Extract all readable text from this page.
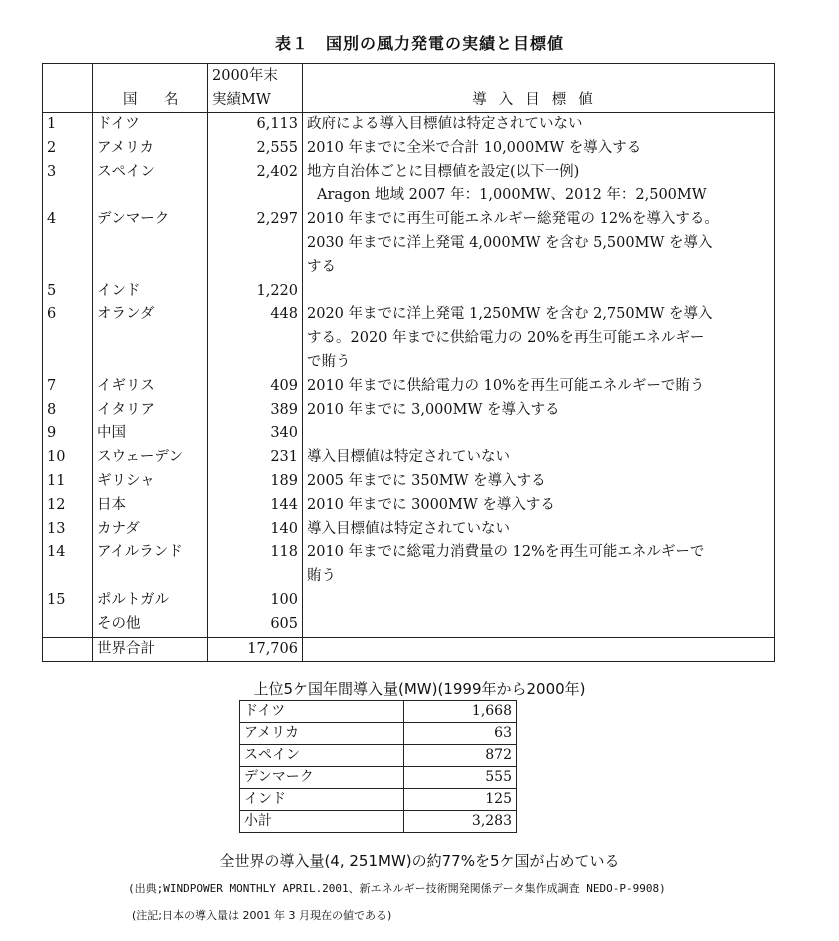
表１　国別の風力発電の実績と目標値
		2000年末	
	国　名	実績MW	導入目標値
1	ドイツ	6,113	政府による導入目標値は特定されていない

2	アメリカ	2,555	2010 年までに全米で合計 10,000MW を導入する

3	スペイン	2,402	地方自治体ごとに目標値を設定(以下一例)
Aragon 地域 2007 年：1,000MW、2012 年：2,500MW

4	デンマーク	2,297	2010 年までに再生可能エネルギー総発電の 12%を導入する。
2030 年までに洋上発電 4,000MW を含む 5,500MW を導入
する

5	インド	1,220	
6	オランダ	448	2020 年までに洋上発電 1,250MW を含む 2,750MW を導入
する。2020 年までに供給電力の 20%を再生可能エネルギー
で賄う

7	イギリス	409	2010 年までに供給電力の 10%を再生可能エネルギーで賄う

8	イタリア	389	2010 年までに 3,000MW を導入する

9	中国	340	
10	スウェーデン	231	導入目標値は特定されていない

11	ギリシャ	189	2005 年までに 350MW を導入する

12	日本	144	2010 年までに 3000MW を導入する

13	カナダ	140	導入目標値は特定されていない

14	アイルランド	118	2010 年までに総電力消費量の 12%を再生可能エネルギーで
賄う

15	ポルトガル	100	
	その他	605	
	世界合計	17,706	
上位5ケ国年間導入量(MW)(1999年から2000年)
ドイツ	1,668
アメリカ	63
スペイン	872
デンマーク	555
インド	125
小計	3,283
全世界の導入量(4, 251MW)の約77%を5ケ国が占めている
(出典;WINDPOWER MONTHLY APRIL.2001、新エネルギー技術開発関係データ集作成調査 NEDO-P-9908)
(注記;日本の導入量は 2001 年 3 月現在の値である)
